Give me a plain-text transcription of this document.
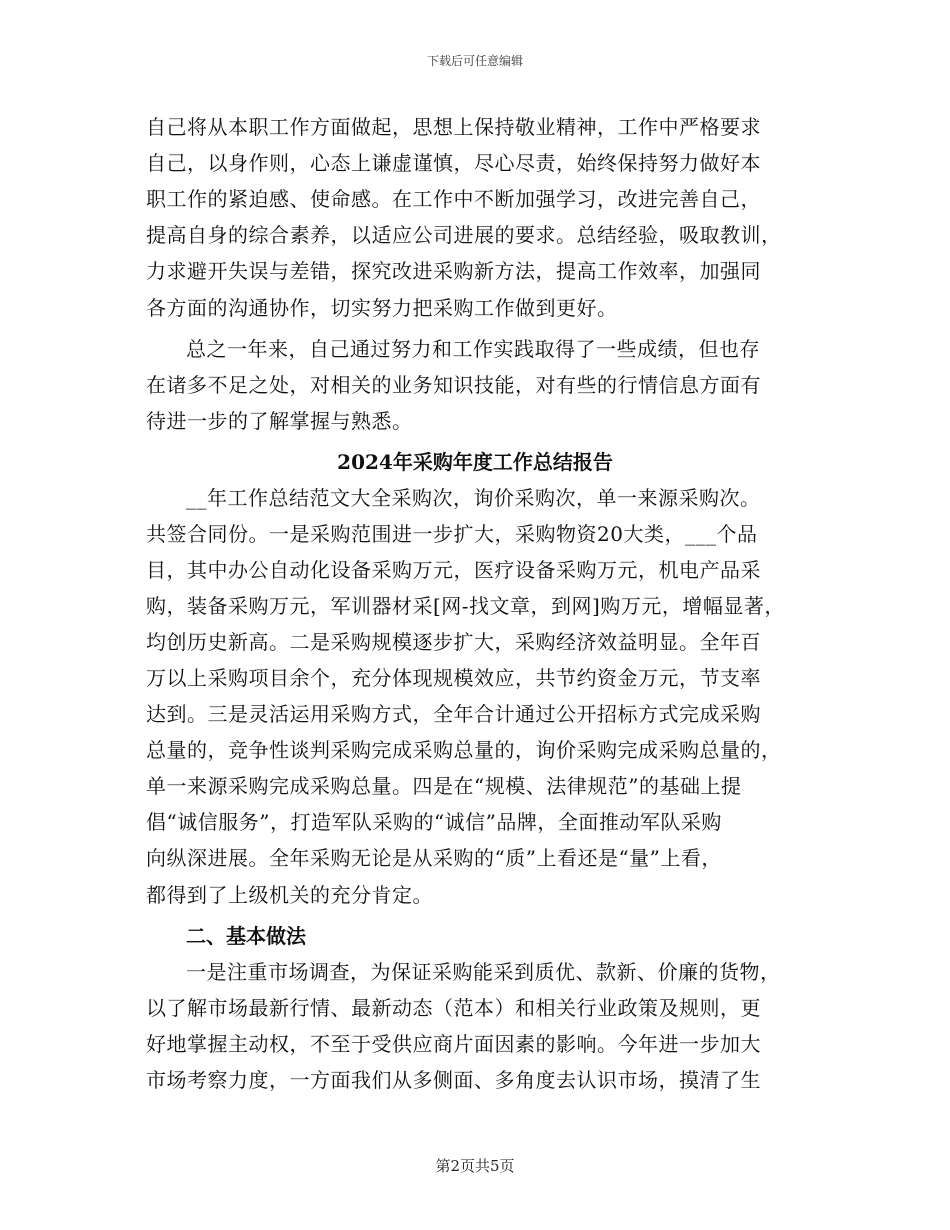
下载后可任意编辑
自己将从本职工作方面做起，思想上保持敬业精神，工作中严格要求
自己，以身作则，心态上谦虚谨慎，尽心尽责，始终保持努力做好本
职工作的紧迫感、使命感。在工作中不断加强学习，改进完善自己，
提高自身的综合素养，以适应公司进展的要求。总结经验，吸取教训，
力求避开失误与差错，探究改进采购新方法，提高工作效率，加强同
各方面的沟通协作，切实努力把采购工作做到更好。
总之一年来，自己通过努力和工作实践取得了一些成绩，但也存
在诸多不足之处，对相关的业务知识技能，对有些的行情信息方面有
待进一步的了解掌握与熟悉。
2024年采购年度工作总结报告
__年工作总结范文大全采购次，询价采购次，单一来源采购次。
共签合同份。一是采购范围进一步扩大，采购物资20大类，___个品
目，其中办公自动化设备采购万元，医疗设备采购万元，机电产品采
购，装备采购万元，军训器材采[网-找文章，到网]购万元，增幅显著，
均创历史新高。二是采购规模逐步扩大，采购经济效益明显。全年百
万以上采购项目余个，充分体现规模效应，共节约资金万元，节支率
达到。三是灵活运用采购方式，全年合计通过公开招标方式完成采购
总量的，竞争性谈判采购完成采购总量的，询价采购完成采购总量的，
单一来源采购完成采购总量。四是在“规模、法律规范”的基础上提
倡“诚信服务”，打造军队采购的“诚信”品牌，全面推动军队采购
向纵深进展。全年采购无论是从采购的“质”上看还是“量”上看，
都得到了上级机关的充分肯定。
二、基本做法
一是注重市场调查，为保证采购能采到质优、款新、价廉的货物，
以了解市场最新行情、最新动态（范本）和相关行业政策及规则，更
好地掌握主动权，不至于受供应商片面因素的影响。今年进一步加大
市场考察力度，一方面我们从多侧面、多角度去认识市场，摸清了生
第2页共5页
